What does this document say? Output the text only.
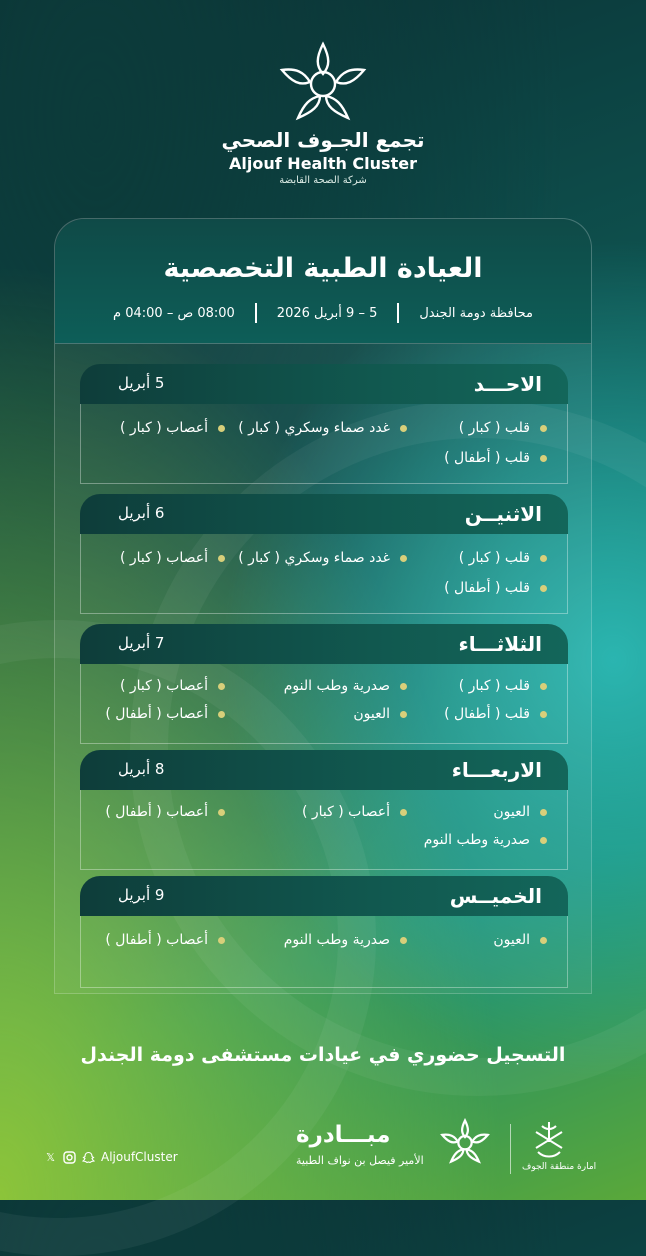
تجمع الجـوف الصحي
Aljouf Health Cluster
شركة الصحة القابضة
العيادة الطبية التخصصية
محافظة دومة الجندل
5 – 9 أبريل 2026
08:00 ص – 04:00 م
الاحـــد
5 أبريل
قلب ( كبار )
غدد صماء وسكري ( كبار )
أعصاب ( كبار )
قلب ( أطفال )
الاثنيــن
6 أبريل
قلب ( كبار )
غدد صماء وسكري ( كبار )
أعصاب ( كبار )
قلب ( أطفال )
الثلاثـــاء
7 أبريل
قلب ( كبار )
صدرية وطب النوم
أعصاب ( كبار )
قلب ( أطفال )
العيون
أعصاب ( أطفال )
الاربعـــاء
8 أبريل
العيون
أعصاب ( كبار )
أعصاب ( أطفال )
صدرية وطب النوم
الخميــس
9 أبريل
العيون
صدرية وطب النوم
أعصاب ( أطفال )
التسجيل حضوري في عيادات مستشفى دومة الجندل
𝕏	AljoufCluster
مبـــادرة
الأمير فيصل بن نواف الطبية	امارة منطقة الجوف
